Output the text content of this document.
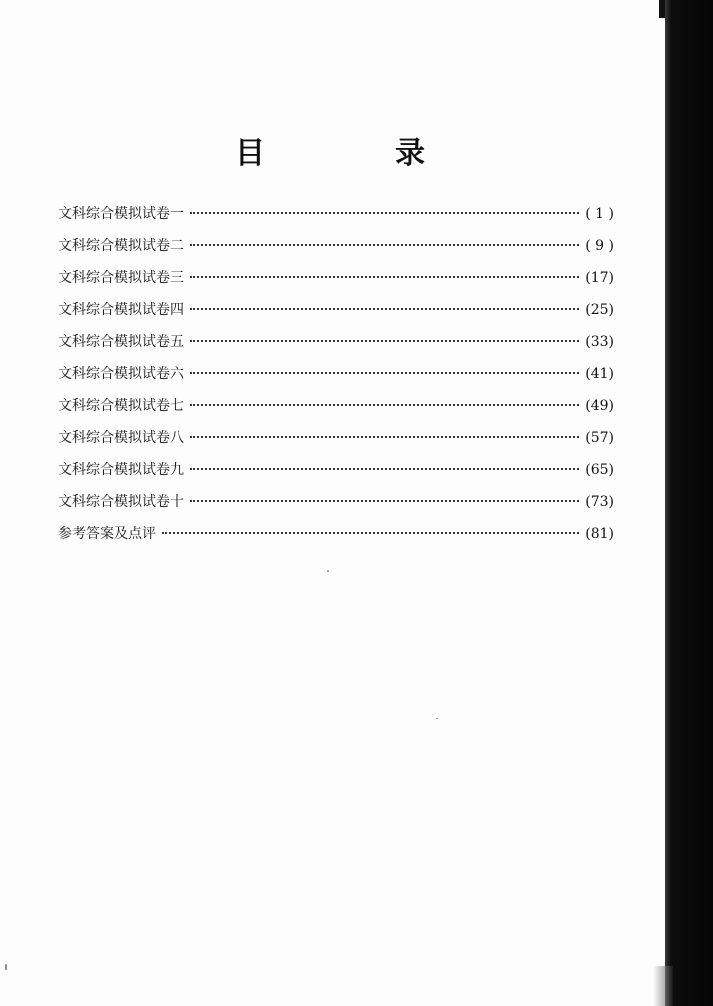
目　录
文科综合模拟试卷一	( 1 )
文科综合模拟试卷二	( 9 )
文科综合模拟试卷三	(17)
文科综合模拟试卷四	(25)
文科综合模拟试卷五	(33)
文科综合模拟试卷六	(41)
文科综合模拟试卷七	(49)
文科综合模拟试卷八	(57)
文科综合模拟试卷九	(65)
文科综合模拟试卷十	(73)
参考答案及点评	(81)
